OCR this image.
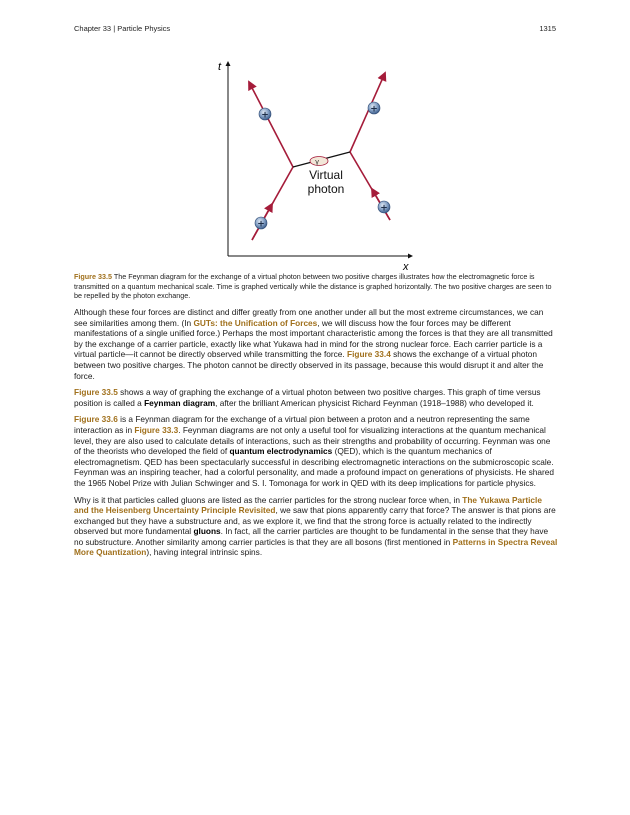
Chapter 33 | Particle Physics	1315
t
x
γ
+
+
+
+
Virtual
photon
Figure 33.5 The Feynman diagram for the exchange of a virtual photon between two positive charges illustrates how the electromagnetic force is transmitted on a quantum mechanical scale. Time is graphed vertically while the distance is graphed horizontally. The two positive charges are seen to be repelled by the photon exchange.

Although these four forces are distinct and differ greatly from one another under all but the most extreme circumstances, we can see similarities among them. (In GUTs: the Unification of Forces, we will discuss how the four forces may be different manifestations of a single unified force.) Perhaps the most important characteristic among the forces is that they are all transmitted by the exchange of a carrier particle, exactly like what Yukawa had in mind for the strong nuclear force. Each carrier particle is a virtual particle—it cannot be directly observed while transmitting the force. Figure 33.4 shows the exchange of a virtual photon between two positive charges. The photon cannot be directly observed in its passage, because this would disrupt it and alter the force.

Figure 33.5 shows a way of graphing the exchange of a virtual photon between two positive charges. This graph of time versus position is called a Feynman diagram, after the brilliant American physicist Richard Feynman (1918–1988) who developed it.

Figure 33.6 is a Feynman diagram for the exchange of a virtual pion between a proton and a neutron representing the same interaction as in Figure 33.3. Feynman diagrams are not only a useful tool for visualizing interactions at the quantum mechanical level, they are also used to calculate details of interactions, such as their strengths and probability of occurring. Feynman was one of the theorists who developed the field of quantum electrodynamics (QED), which is the quantum mechanics of electromagnetism. QED has been spectacularly successful in describing electromagnetic interactions on the submicroscopic scale. Feynman was an inspiring teacher, had a colorful personality, and made a profound impact on generations of physicists. He shared the 1965 Nobel Prize with Julian Schwinger and S. I. Tomonaga for work in QED with its deep implications for particle physics.

Why is it that particles called gluons are listed as the carrier particles for the strong nuclear force when, in The Yukawa Particle and the Heisenberg Uncertainty Principle Revisited, we saw that pions apparently carry that force? The answer is that pions are exchanged but they have a substructure and, as we explore it, we find that the strong force is actually related to the indirectly observed but more fundamental gluons. In fact, all the carrier particles are thought to be fundamental in the sense that they have no substructure. Another similarity among carrier particles is that they are all bosons (first mentioned in Patterns in Spectra Reveal More Quantization), having integral intrinsic spins.
